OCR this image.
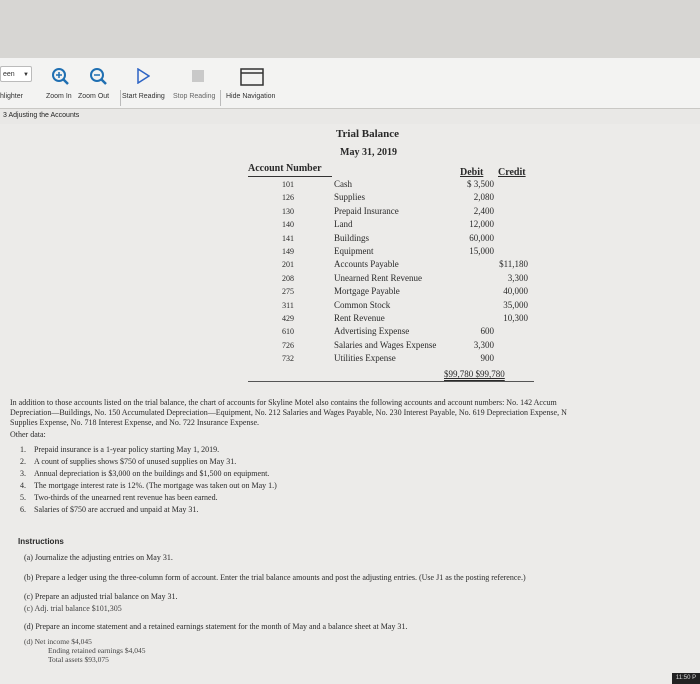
een ▼
hlighter	Zoom In Zoom Out Start Reading Stop Reading Hide Navigation
3 Adjusting the Accounts
Trial Balance
May 31, 2019
Account Number	Debit Credit
101	Cash	$ 3,500
126	Supplies	2,080
130	Prepaid Insurance	2,400
140	Land	12,000
141	Buildings	60,000
149	Equipment	15,000
201	Accounts Payable	$11,180
208	Unearned Rent Revenue	3,300
275	Mortgage Payable	40,000
311	Common Stock	35,000
429	Rent Revenue	10,300
610	Advertising Expense	600
726	Salaries and Wages Expense	3,300
732	Utilities Expense	900
$99,780 $99,780
In addition to those accounts listed on the trial balance, the chart of accounts for Skyline Motel also contains the following accounts and account numbers: No. 142 Accum
Depreciation—Buildings, No. 150 Accumulated Depreciation—Equipment, No. 212 Salaries and Wages Payable, No. 230 Interest Payable, No. 619 Depreciation Expense, N
Supplies Expense, No. 718 Interest Expense, and No. 722 Insurance Expense.
Other data:
1. Prepaid insurance is a 1-year policy starting May 1, 2019.
2. A count of supplies shows $750 of unused supplies on May 31.
3. Annual depreciation is $3,000 on the buildings and $1,500 on equipment.
4. The mortgage interest rate is 12%. (The mortgage was taken out on May 1.)
5. Two-thirds of the unearned rent revenue has been earned.
6. Salaries of $750 are accrued and unpaid at May 31.
Instructions
(a) Journalize the adjusting entries on May 31.
(b) Prepare a ledger using the three-column form of account. Enter the trial balance amounts and post the adjusting entries. (Use J1 as the posting reference.)
(c) Prepare an adjusted trial balance on May 31.
(c) Adj. trial balance $101,305
(d) Prepare an income statement and a retained earnings statement for the month of May and a balance sheet at May 31.
(d) Net income $4,045
Ending retained earnings $4,045
Total assets $93,075
11:50 P
